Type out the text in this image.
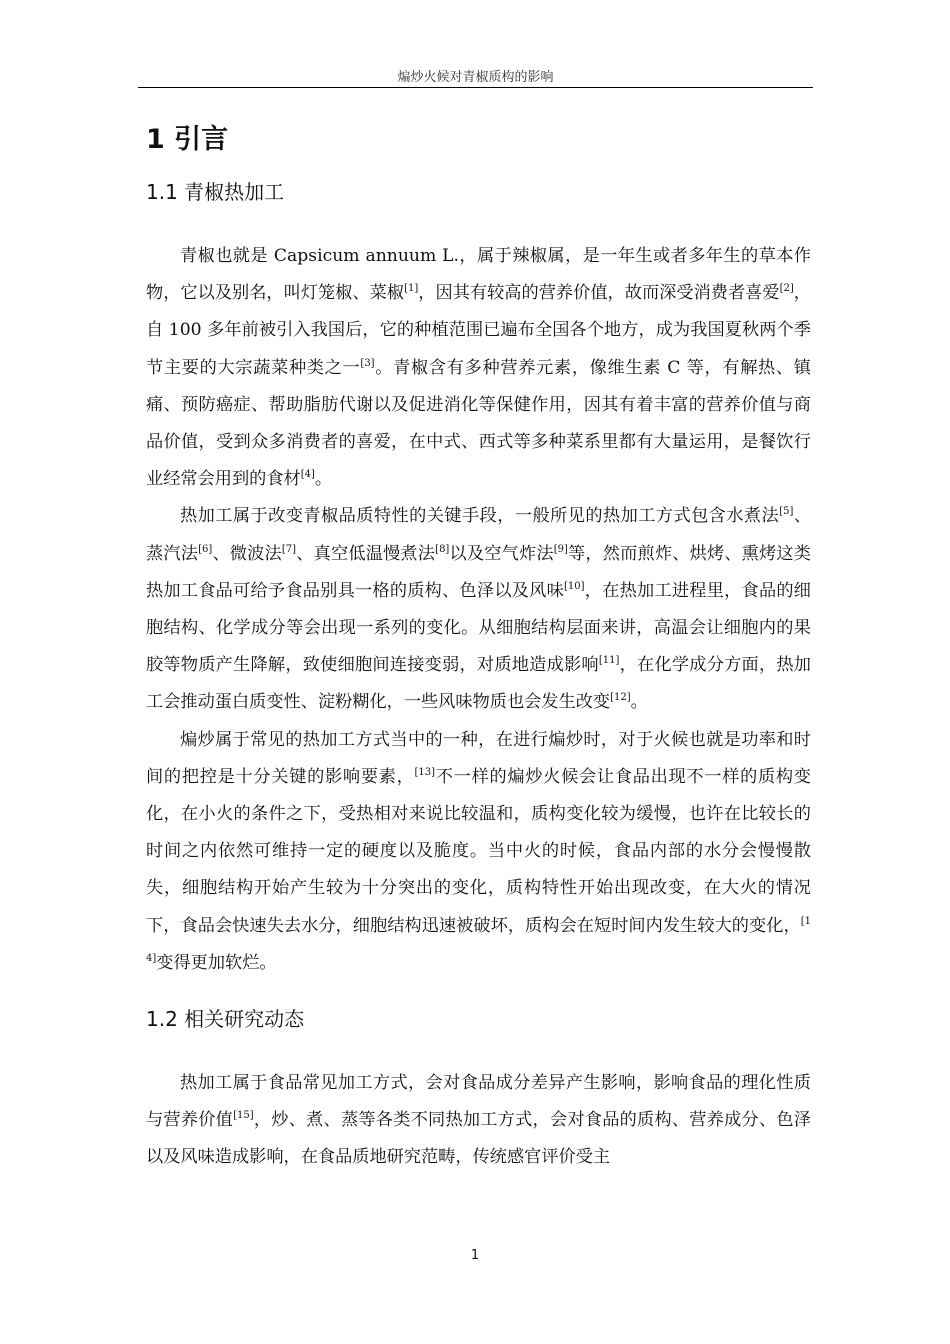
煸炒火候对青椒质构的影响
1 引言
1.1 青椒热加工

青椒也就是 Capsicum annuum L.，属于辣椒属，是一年生或者多年生的草本作物，它以及别名，叫灯笼椒、菜椒[1]，因其有较高的营养价值，故而深受消费者喜爱[2]，自 100 多年前被引入我国后，它的种植范围已遍布全国各个地方，成为我国夏秋两个季节主要的大宗蔬菜种类之一[3]。青椒含有多种营养元素，像维生素 C 等，有解热、镇痛、预防癌症、帮助脂肪代谢以及促进消化等保健作用，因其有着丰富的营养价值与商品价值，受到众多消费者的喜爱，在中式、西式等多种菜系里都有大量运用，是餐饮行业经常会用到的食材[4]。

热加工属于改变青椒品质特性的关键手段，一般所见的热加工方式包含水煮法[5]、蒸汽法[6]、微波法[7]、真空低温慢煮法[8]以及空气炸法[9]等，然而煎炸、烘烤、熏烤这类热加工食品可给予食品别具一格的质构、色泽以及风味[10]，在热加工进程里，食品的细胞结构、化学成分等会出现一系列的变化。从细胞结构层面来讲，高温会让细胞内的果胶等物质产生降解，致使细胞间连接变弱，对质地造成影响[11]，在化学成分方面，热加工会推动蛋白质变性、淀粉糊化，一些风味物质也会发生改变[12]。

煸炒属于常见的热加工方式当中的一种，在进行煸炒时，对于火候也就是功率和时间的把控是十分关键的影响要素，[13]不一样的煸炒火候会让食品出现不一样的质构变化，在小火的条件之下，受热相对来说比较温和，质构变化较为缓慢，也许在比较长的时间之内依然可维持一定的硬度以及脆度。当中火的时候，食品内部的水分会慢慢散失，细胞结构开始产生较为十分突出的变化，质构特性开始出现改变，在大火的情况下，食品会快速失去水分，细胞结构迅速被破坏，质构会在短时间内发生较大的变化，[14]变得更加软烂。

1.2 相关研究动态

热加工属于食品常见加工方式，会对食品成分差异产生影响，影响食品的理化性质与营养价值[15]，炒、煮、蒸等各类不同热加工方式，会对食品的质构、营养成分、色泽以及风味造成影响，在食品质地研究范畴，传统感官评价受主

1
